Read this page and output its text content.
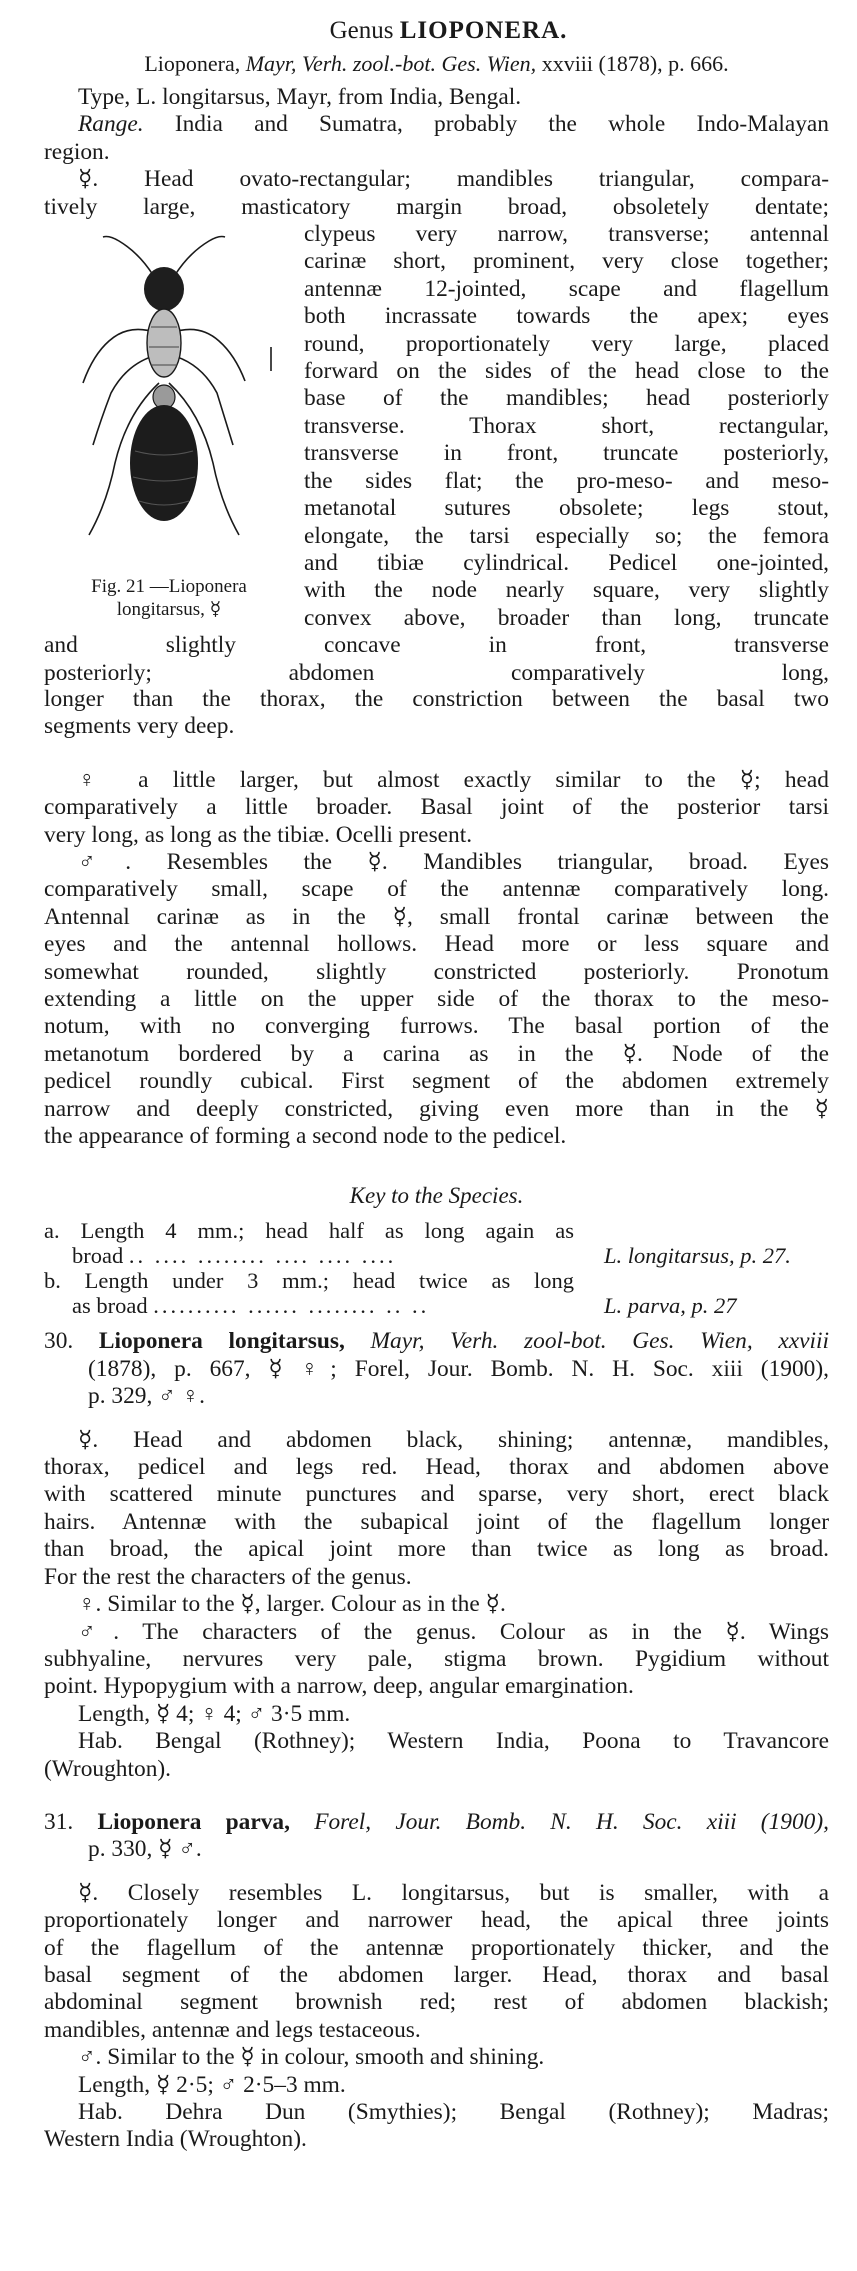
Genus LIOPONERA.
Lioponera, Mayr, Verh. zool.-bot. Ges. Wien, xxviii (1878), p. 666.

Type, L. longitarsus, Mayr, from India, Bengal.

Range. India and Sumatra, probably the whole Indo-Malayan

region.

☿. Head ovato-rectangular; mandibles triangular, compara-

tively large, masticatory margin broad, obsoletely dentate;

Fig. 21 —Lioponera
longitarsus, ☿

clypeus very narrow, transverse; antennal

carinæ short, prominent, very close together;

antennæ 12-jointed, scape and flagellum

both incrassate towards the apex; eyes

round, proportionately very large, placed

forward on the sides of the head close to the

base of the mandibles; head posteriorly

transverse. Thorax short, rectangular,

transverse in front, truncate posteriorly,

the sides flat; the pro-meso- and meso-

metanotal sutures obsolete; legs stout,

elongate, the tarsi especially so; the femora

and tibiæ cylindrical. Pedicel one-jointed,

with the node nearly square, very slightly

convex above, broader than long, truncate

and slightly concave in front, transverse

posteriorly; abdomen comparatively long,

longer than the thorax, the constriction between the basal two

segments very deep.

♀ a little larger, but almost exactly similar to the ☿; head

comparatively a little broader. Basal joint of the posterior tarsi

very long, as long as the tibiæ. Ocelli present.

♂. Resembles the ☿. Mandibles triangular, broad. Eyes

comparatively small, scape of the antennæ comparatively long.

Antennal carinæ as in the ☿, small frontal carinæ between the

eyes and the antennal hollows. Head more or less square and

somewhat rounded, slightly constricted posteriorly. Pronotum

extending a little on the upper side of the thorax to the meso-

notum, with no converging furrows. The basal portion of the

metanotum bordered by a carina as in the ☿. Node of the

pedicel roundly cubical. First segment of the abdomen extremely

narrow and deeply constricted, giving even more than in the ☿

the appearance of forming a second node to the pedicel.

Key to the Species.
a. Length 4 mm.; head half as long again as
broad .. .... ........ .... .... ....	L. longitarsus, p. 27.
b. Length under 3 mm.; head twice as long
as broad .......... ...... ........ .. ..	L. parva, p. 27

30. Lioponera longitarsus, Mayr, Verh. zool-bot. Ges. Wien, xxviii

(1878), p. 667, ☿ ♀; Forel, Jour. Bomb. N. H. Soc. xiii (1900),

p. 329, ♂ ♀.

☿. Head and abdomen black, shining; antennæ, mandibles,

thorax, pedicel and legs red. Head, thorax and abdomen above

with scattered minute punctures and sparse, very short, erect black

hairs. Antennæ with the subapical joint of the flagellum longer

than broad, the apical joint more than twice as long as broad.

For the rest the characters of the genus.

♀. Similar to the ☿, larger. Colour as in the ☿.

♂. The characters of the genus. Colour as in the ☿. Wings

subhyaline, nervures very pale, stigma brown. Pygidium without

point. Hypopygium with a narrow, deep, angular emargination.

Length, ☿ 4; ♀ 4; ♂ 3·5 mm.

Hab. Bengal (Rothney); Western India, Poona to Travancore

(Wroughton).

31. Lioponera parva, Forel, Jour. Bomb. N. H. Soc. xiii (1900),

p. 330, ☿ ♂.

☿. Closely resembles L. longitarsus, but is smaller, with a

proportionately longer and narrower head, the apical three joints

of the flagellum of the antennæ proportionately thicker, and the

basal segment of the abdomen larger. Head, thorax and basal

abdominal segment brownish red; rest of abdomen blackish;

mandibles, antennæ and legs testaceous.

♂. Similar to the ☿ in colour, smooth and shining.

Length, ☿ 2·5; ♂ 2·5–3 mm.

Hab. Dehra Dun (Smythies); Bengal (Rothney); Madras;

Western India (Wroughton).
